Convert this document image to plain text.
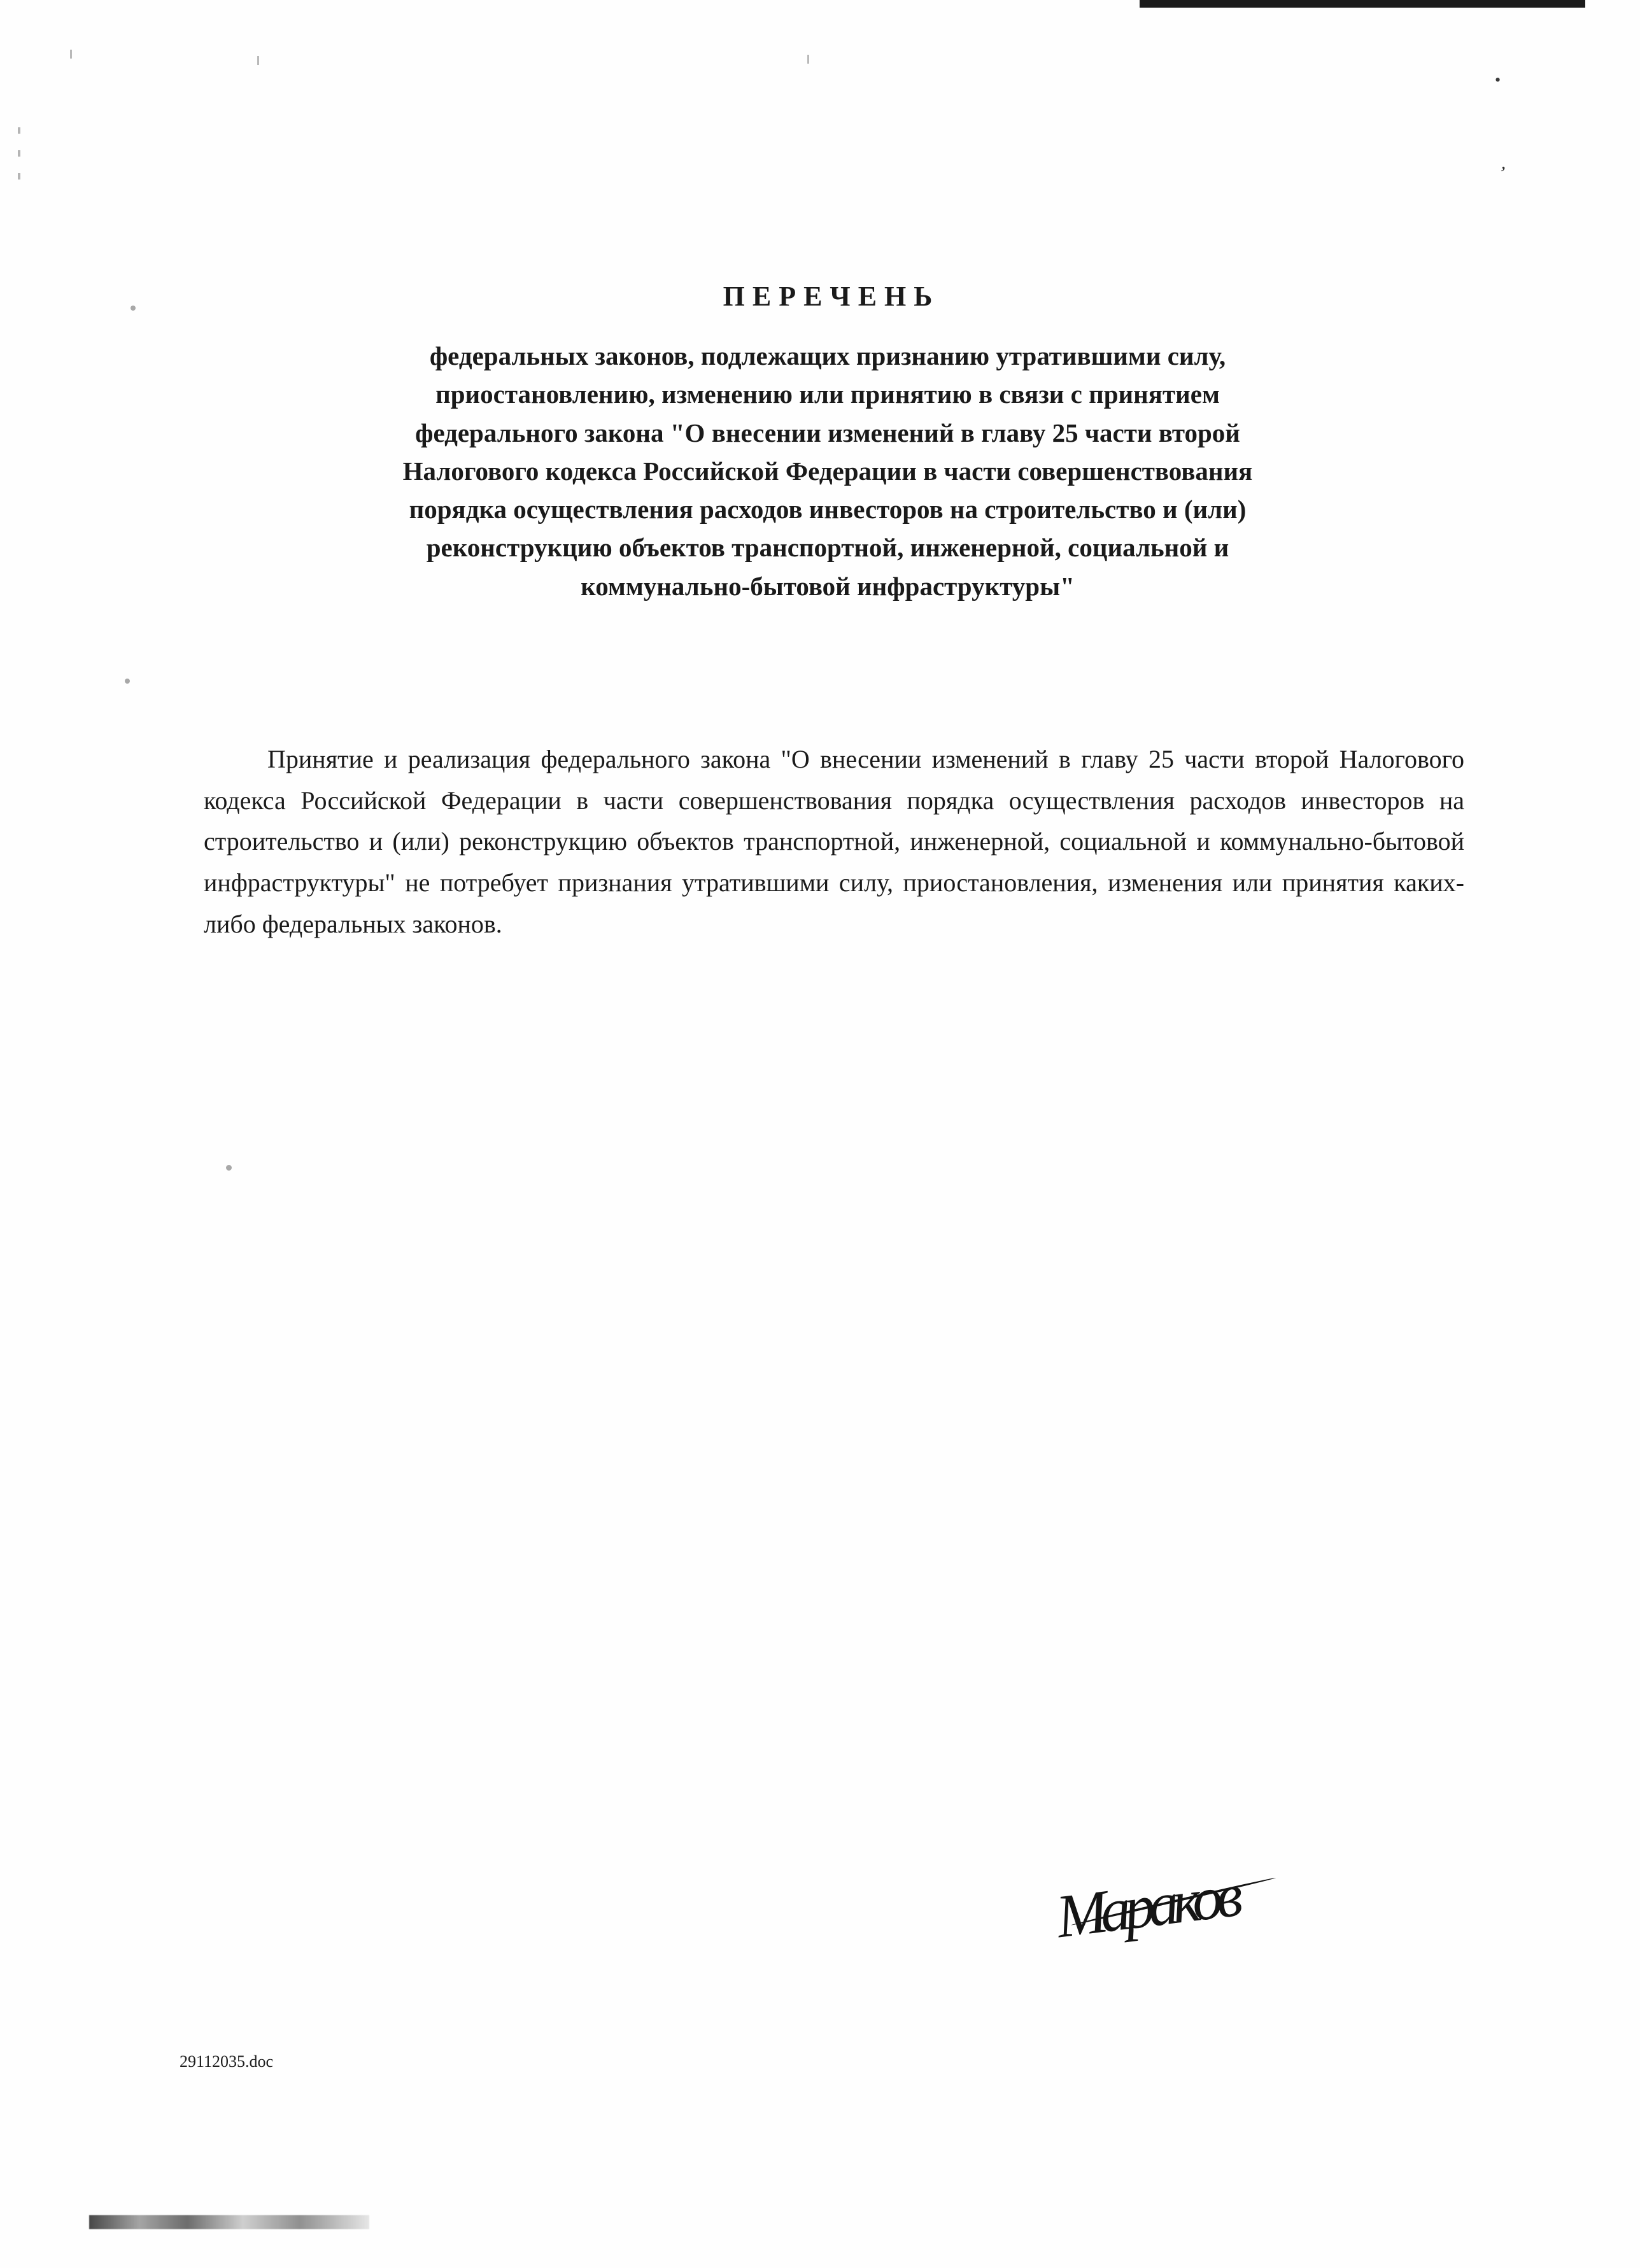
•
ʼ
ПЕРЕЧЕНЬ

федеральных законов, подлежащих признанию утратившими силу,

приостановлению, изменению или принятию в связи с принятием

федерального закона "О внесении изменений в главу 25 части второй

Налогового кодекса Российской Федерации в части совершенствования

порядка осуществления расходов инвесторов на строительство и (или)

реконструкцию объектов транспортной, инженерной, социальной и

коммунально-бытовой инфраструктуры"

Принятие и реализация федерального закона "О внесении изменений в главу 25 части второй Налогового кодекса Российской Федерации в части совершенствования порядка осуществления расходов инвесторов на строительство и (или) реконструкцию объектов транспортной, инженерной, социальной и коммунально-бытовой инфраструктуры" не потребует признания утратившими силу, приостановления, изменения или принятия каких-либо федеральных законов.

Мараков
29112035.doc
